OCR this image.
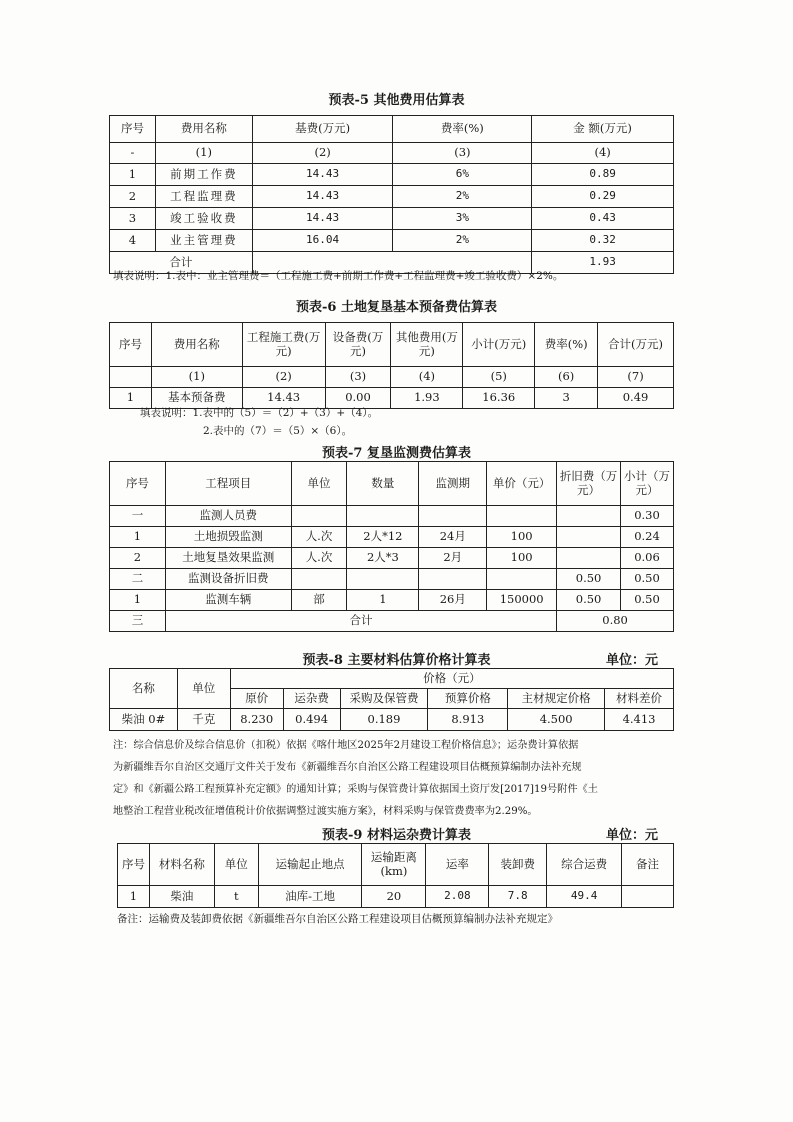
预表-5 其他费用估算表
序号	费用名称	基费(万元)	费率(%)	金 额(万元)
-	(1)	(2)	(3)	(4)
1	前期工作费	14.43	6%	0.89
2	工程监理费	14.43	2%	0.29
3	竣工验收费	14.43	3%	0.43
4	业主管理费	16.04	2%	0.32
合计				1.93
填表说明：1.表中：业主管理费＝（工程施工费+前期工作费+工程监理费+竣工验收费）×2%。
预表-6 土地复垦基本预备费估算表
序号	费用名称	工程施工费(万元)	设备费(万元)	其他费用(万元)	小计(万元)	费率(%)	合计(万元)
	(1)	(2)	(3)	(4)	(5)	(6)	(7)
1	基本预备费	14.43	0.00	1.93	16.36	3	0.49
填表说明：1.表中的（5）＝（2）+（3）+（4）。
2.表中的（7）＝（5）×（6）。
预表-7 复垦监测费估算表
序号	工程项目	单位	数量	监测期	单价（元）	折旧费（万元）	小计（万元）
一	监测人员费						0.30
1	土地损毁监测	人.次	2人*12	24月	100		0.24
2	土地复垦效果监测	人.次	2人*3	2月	100		0.06
二	监测设备折旧费					0.50	0.50
1	监测车辆	部	1	26月	150000	0.50	0.50
三	合计					0.80	
预表-8 主要材料估算价格计算表	单位：元
名称	单位	价格（元）					
		原价	运杂费	采购及保管费	预算价格	主材规定价格	材料差价
柴油 0#	千克	8.230	0.494	0.189	8.913	4.500	4.413
注：综合信息价及综合信息价（扣税）依据《喀什地区2025年2月建设工程价格信息》；运杂费计算依据
为新疆维吾尔自治区交通厅文件关于发布《新疆维吾尔自治区公路工程建设项目估概预算编制办法补充规
定》和《新疆公路工程预算补充定额》的通知计算；采购与保管费计算依据国土资厅发[2017]19号附件《土
地整治工程营业税改征增值税计价依据调整过渡实施方案》，材料采购与保管费费率为2.29%。
预表-9 材料运杂费计算表	单位：元
序号	材料名称	单位	运输起止地点	运输距离(km)	运率	装卸费	综合运费	备注
1	柴油	t	油库-工地	20	2.08	7.8	49.4	
备注：运输费及装卸费依据《新疆维吾尔自治区公路工程建设项目估概预算编制办法补充规定》
